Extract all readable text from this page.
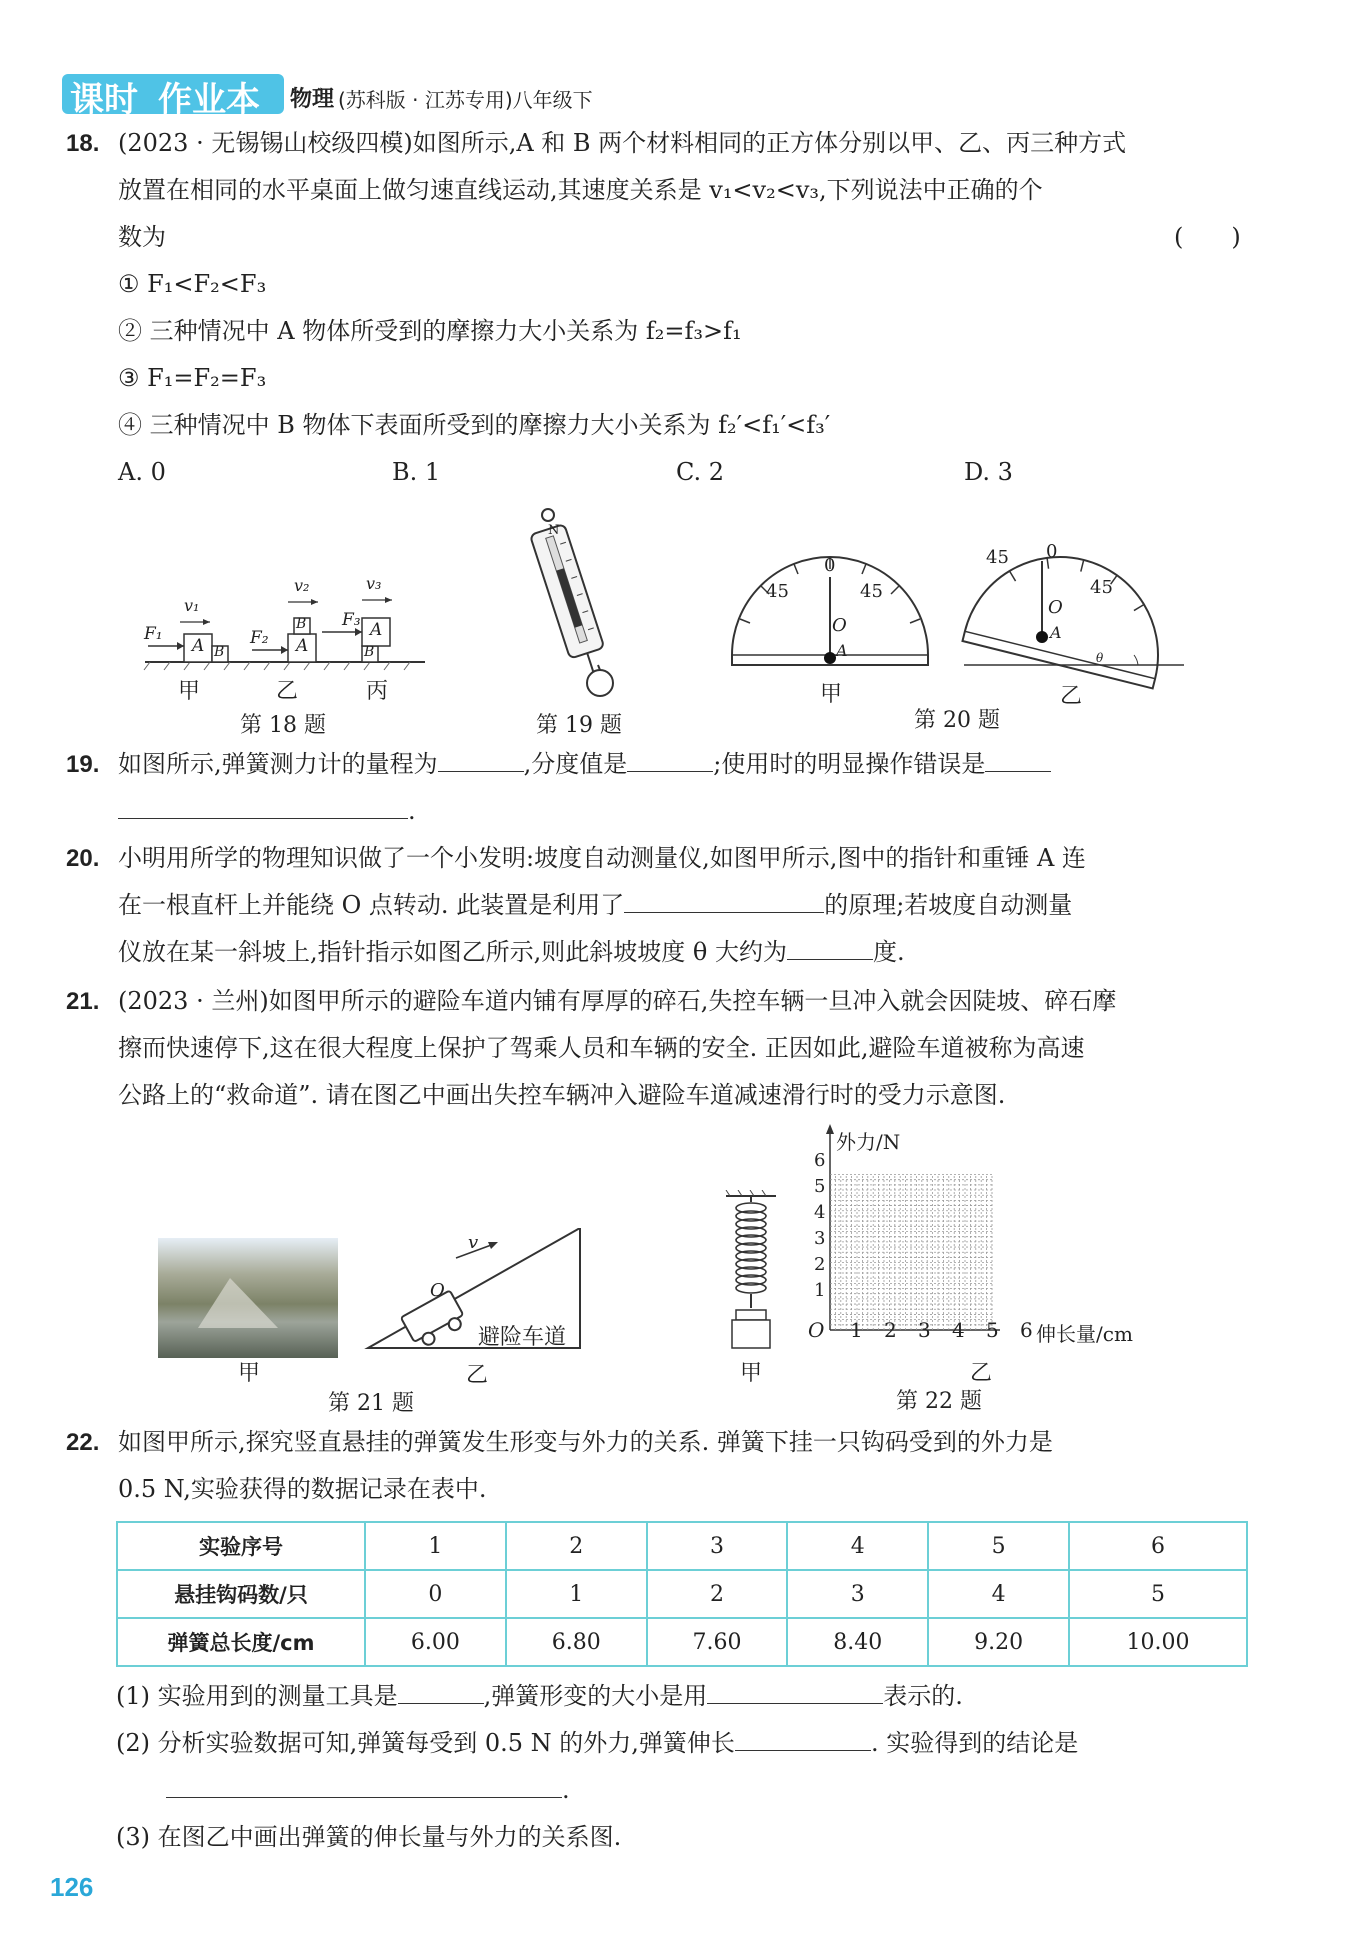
课时 作业本 物理 (苏科版 · 江苏专用)八年级下
18. (2023 · 无锡锡山校级四模)如图所示,A 和 B 两个材料相同的正方体分别以甲、乙、丙三种方式
放置在相同的水平桌面上做匀速直线运动,其速度关系是 v₁<v₂<v₃,下列说法中正确的个
数为	(　　)
① F₁<F₂<F₃
② 三种情况中 A 物体所受到的摩擦力大小关系为 f₂=f₃>f₁
③ F₁=F₂=F₃
④ 三种情况中 B 物体下表面所受到的摩擦力大小关系为 f₂′<f₁′<f₃′
A. 0	B. 1	C. 2	D. 3
v₁
v₂	v₃
F₁	F₂
F₃
A B	A
B	A
B
甲	乙	丙
第 18 题
N
第 19 题
45
0
45
O
A
45 0
45
O
A
θ
甲	乙
第 20 题
19. 如图所示,弹簧测力计的量程为	,分度值是	;使用时的明显操作错误是
.
20. 小明用所学的物理知识做了一个小发明:坡度自动测量仪,如图甲所示,图中的指针和重锤 A 连
在一根直杆上并能绕 O 点转动. 此装置是利用了	的原理;若坡度自动测量
仪放在某一斜坡上,指针指示如图乙所示,则此斜坡坡度 θ 大约为	度.
21. (2023 · 兰州)如图甲所示的避险车道内铺有厚厚的碎石,失控车辆一旦冲入就会因陡坡、碎石摩
擦而快速停下,这在很大程度上保护了驾乘人员和车辆的安全. 正因如此,避险车道被称为高速
公路上的“救命道”. 请在图乙中画出失控车辆冲入避险车道减速滑行时的受力示意图.
v
O
避险车道
甲	乙
第 21 题
甲
外力/N
伸长量/cm
O
1
2
3
4
5
6
1 2 3 4 5 6
乙
第 22 题
22. 如图甲所示,探究竖直悬挂的弹簧发生形变与外力的关系. 弹簧下挂一只钩码受到的外力是
0.5 N,实验获得的数据记录在表中.
实验序号	1	2	3	4	5	6
悬挂钩码数/只	0	1	2	3	4	5
弹簧总长度/cm	6.00	6.80	7.60	8.40	9.20	10.00
(1) 实验用到的测量工具是	,弹簧形变的大小是用	表示的.
(2) 分析实验数据可知,弹簧每受到 0.5 N 的外力,弹簧伸长	. 实验得到的结论是
.
(3) 在图乙中画出弹簧的伸长量与外力的关系图.
126
